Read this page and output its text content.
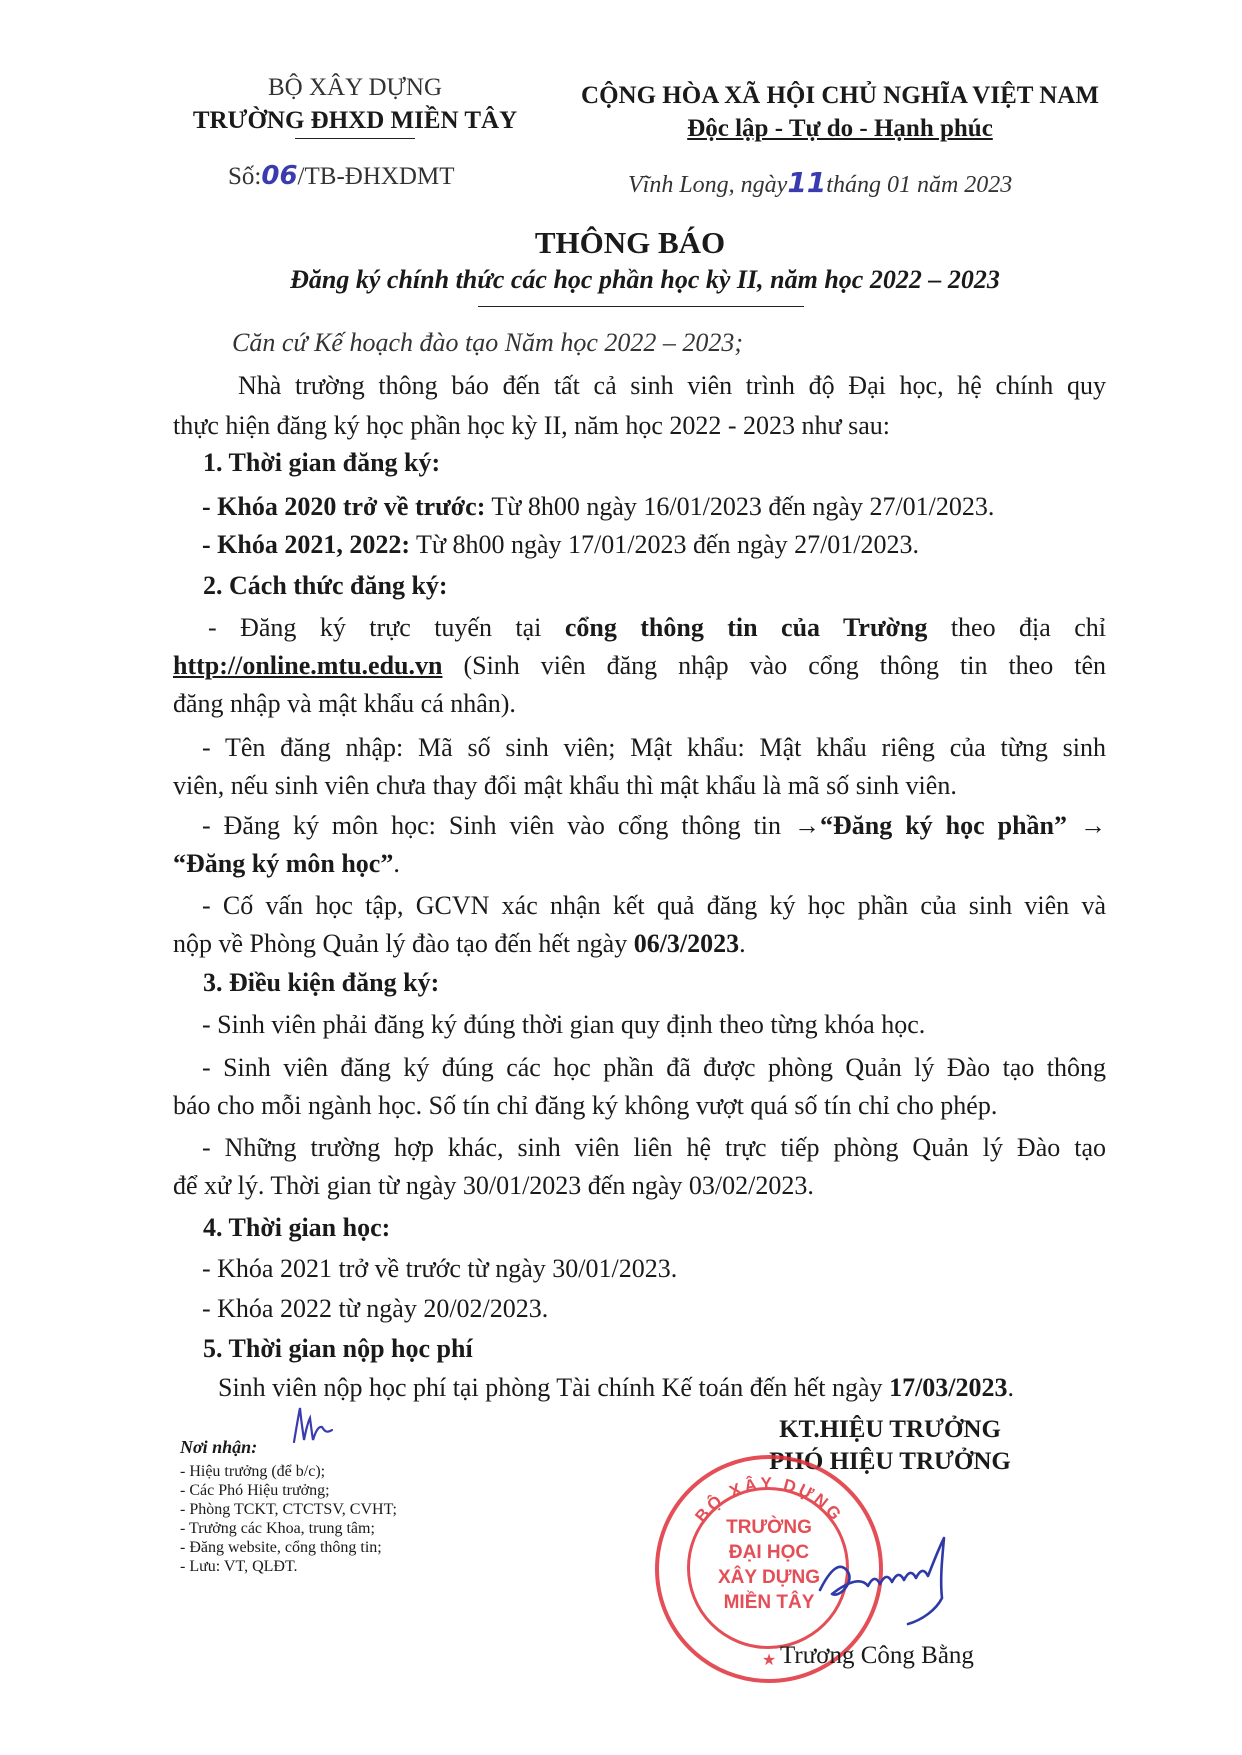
BỘ XÂY DỰNG
TRƯỜNG ĐHXD MIỀN TÂY
Số:06/TB-ĐHXDMT
CỘNG HÒA XÃ HỘI CHỦ NGHĨA VIỆT NAM
Độc lập - Tự do - Hạnh phúc
Vĩnh Long, ngày11tháng 01 năm 2023
THÔNG BÁO
Đăng ký chính thức các học phần học kỳ II, năm học 2022 – 2023
Căn cứ Kế hoạch đào tạo Năm học 2022 – 2023;
Nhà trường thông báo đến tất cả sinh viên trình độ Đại học, hệ chính quy
thực hiện đăng ký học phần học kỳ II, năm học 2022 - 2023 như sau:
1. Thời gian đăng ký:
- Khóa 2020 trở về trước: Từ 8h00 ngày 16/01/2023 đến ngày 27/01/2023.
- Khóa 2021, 2022: Từ 8h00 ngày 17/01/2023 đến ngày 27/01/2023.
2. Cách thức đăng ký:
- Đăng ký trực tuyến tại cổng thông tin của Trường theo địa chỉ
http://online.mtu.edu.vn (Sinh viên đăng nhập vào cổng thông tin theo tên
đăng nhập và mật khẩu cá nhân).
- Tên đăng nhập: Mã số sinh viên; Mật khẩu: Mật khẩu riêng của từng sinh
viên, nếu sinh viên chưa thay đổi mật khẩu thì mật khẩu là mã số sinh viên.
- Đăng ký môn học: Sinh viên vào cổng thông tin →“Đăng ký học phần” →
“Đăng ký môn học”.
- Cố vấn học tập, GCVN xác nhận kết quả đăng ký học phần của sinh viên và
nộp về Phòng Quản lý đào tạo đến hết ngày 06/3/2023.
3. Điều kiện đăng ký:
- Sinh viên phải đăng ký đúng thời gian quy định theo từng khóa học.
- Sinh viên đăng ký đúng các học phần đã được phòng Quản lý Đào tạo thông
báo cho mỗi ngành học. Số tín chỉ đăng ký không vượt quá số tín chỉ cho phép.
- Những trường hợp khác, sinh viên liên hệ trực tiếp phòng Quản lý Đào tạo
để xử lý. Thời gian từ ngày 30/01/2023 đến ngày 03/02/2023.
4. Thời gian học:
- Khóa 2021 trở về trước từ ngày 30/01/2023.
- Khóa 2022 từ ngày 20/02/2023.
5. Thời gian nộp học phí
Sinh viên nộp học phí tại phòng Tài chính Kế toán đến hết ngày 17/03/2023.
Nơi nhận:
- Hiệu trưởng (để b/c);
- Các Phó Hiệu trưởng;
- Phòng TCKT, CTCTSV, CVHT;
- Trưởng các Khoa, trung tâm;
- Đăng website, cổng thông tin;
- Lưu: VT, QLĐT.
KT.HIỆU TRƯỞNG
PHÓ HIỆU TRƯỞNG
BỘ XÂY DỰNG
★
TRƯỜNG
ĐẠI HỌC
XÂY DỰNG
MIỀN TÂY
Trương Công Bằng
